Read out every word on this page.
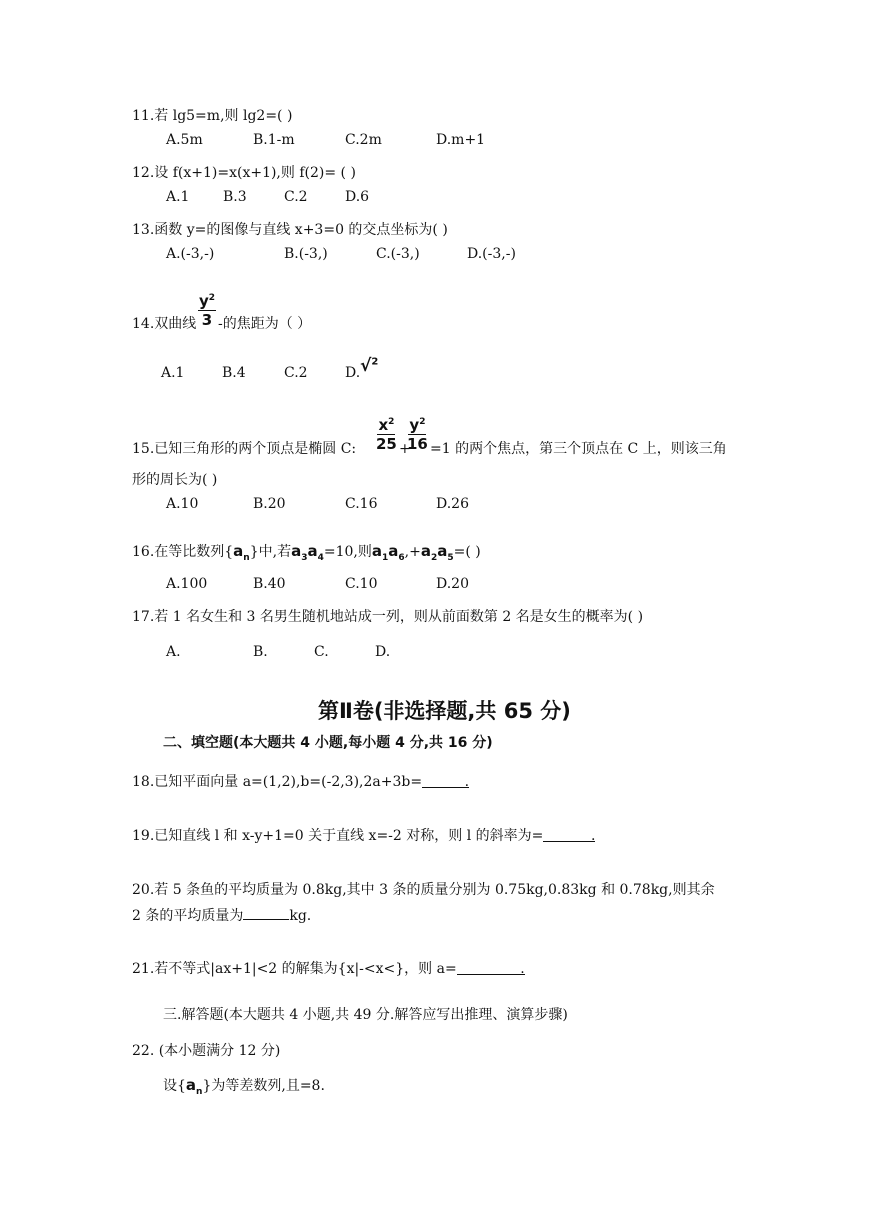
11.若 lg5=m,则 lg2=( )
A.5m	B.1-m	C.2m	D.m+1
12.设 f(x+1)=x(x+1),则 f(2)= ( )
A.1 B.3	C.2	D.6
13.函数 y=的图像与直线 x+3=0 的交点坐标为( )
A.(-3,-)	B.(-3,)	C.(-3,)	D.(-3,-)
14.双曲线 $\frac{y^2}{3}$ -的焦距为（ ）
A.1	B.4	C.2	D. √$^2$
15.已知三角形的两个顶点是椭圆 C: $\frac{x^2}{25}$ +
$\frac{y^2}{16} =1$ 的两个焦点，第三个顶点在 C 上，则该三角
形的周长为( )
A.10	B.20	C.16	D.26
16.在等比数列$\{a_n\}$中,若$a_3a_4=10$,则$a_1a_6,+a_2a_5=$( )
A.100	B.40	C.10	D.20
17.若 1 名女生和 3 名男生随机地站成一列，则从前面数第 2 名是女生的概率为( )
A.	B.	C.	D.
第Ⅱ卷(非选择题,共 65 分)
二、填空题(本大题共 4 小题,每小题 4 分,共 16 分)
18.已知平面向量 a=(1,2),b=(-2,3),2a+3b=	.
19.已知直线 l 和 x-y+1=0 关于直线 x=-2 对称，则 l 的斜率为=	.
20.若 5 条鱼的平均质量为 0.8kg,其中 3 条的质量分别为 0.75kg,0.83kg 和 0.78kg,则其余
2 条的平均质量为	kg.
21.若不等式|ax+1|<2 的解集为{x|-<x<}，则 a=	.
三.解答题(本大题共 4 小题,共 49 分.解答应写出推理、演算步骤)
22. (本小题满分 12 分)
设$\{a_n\}$为等差数列,且=8.
